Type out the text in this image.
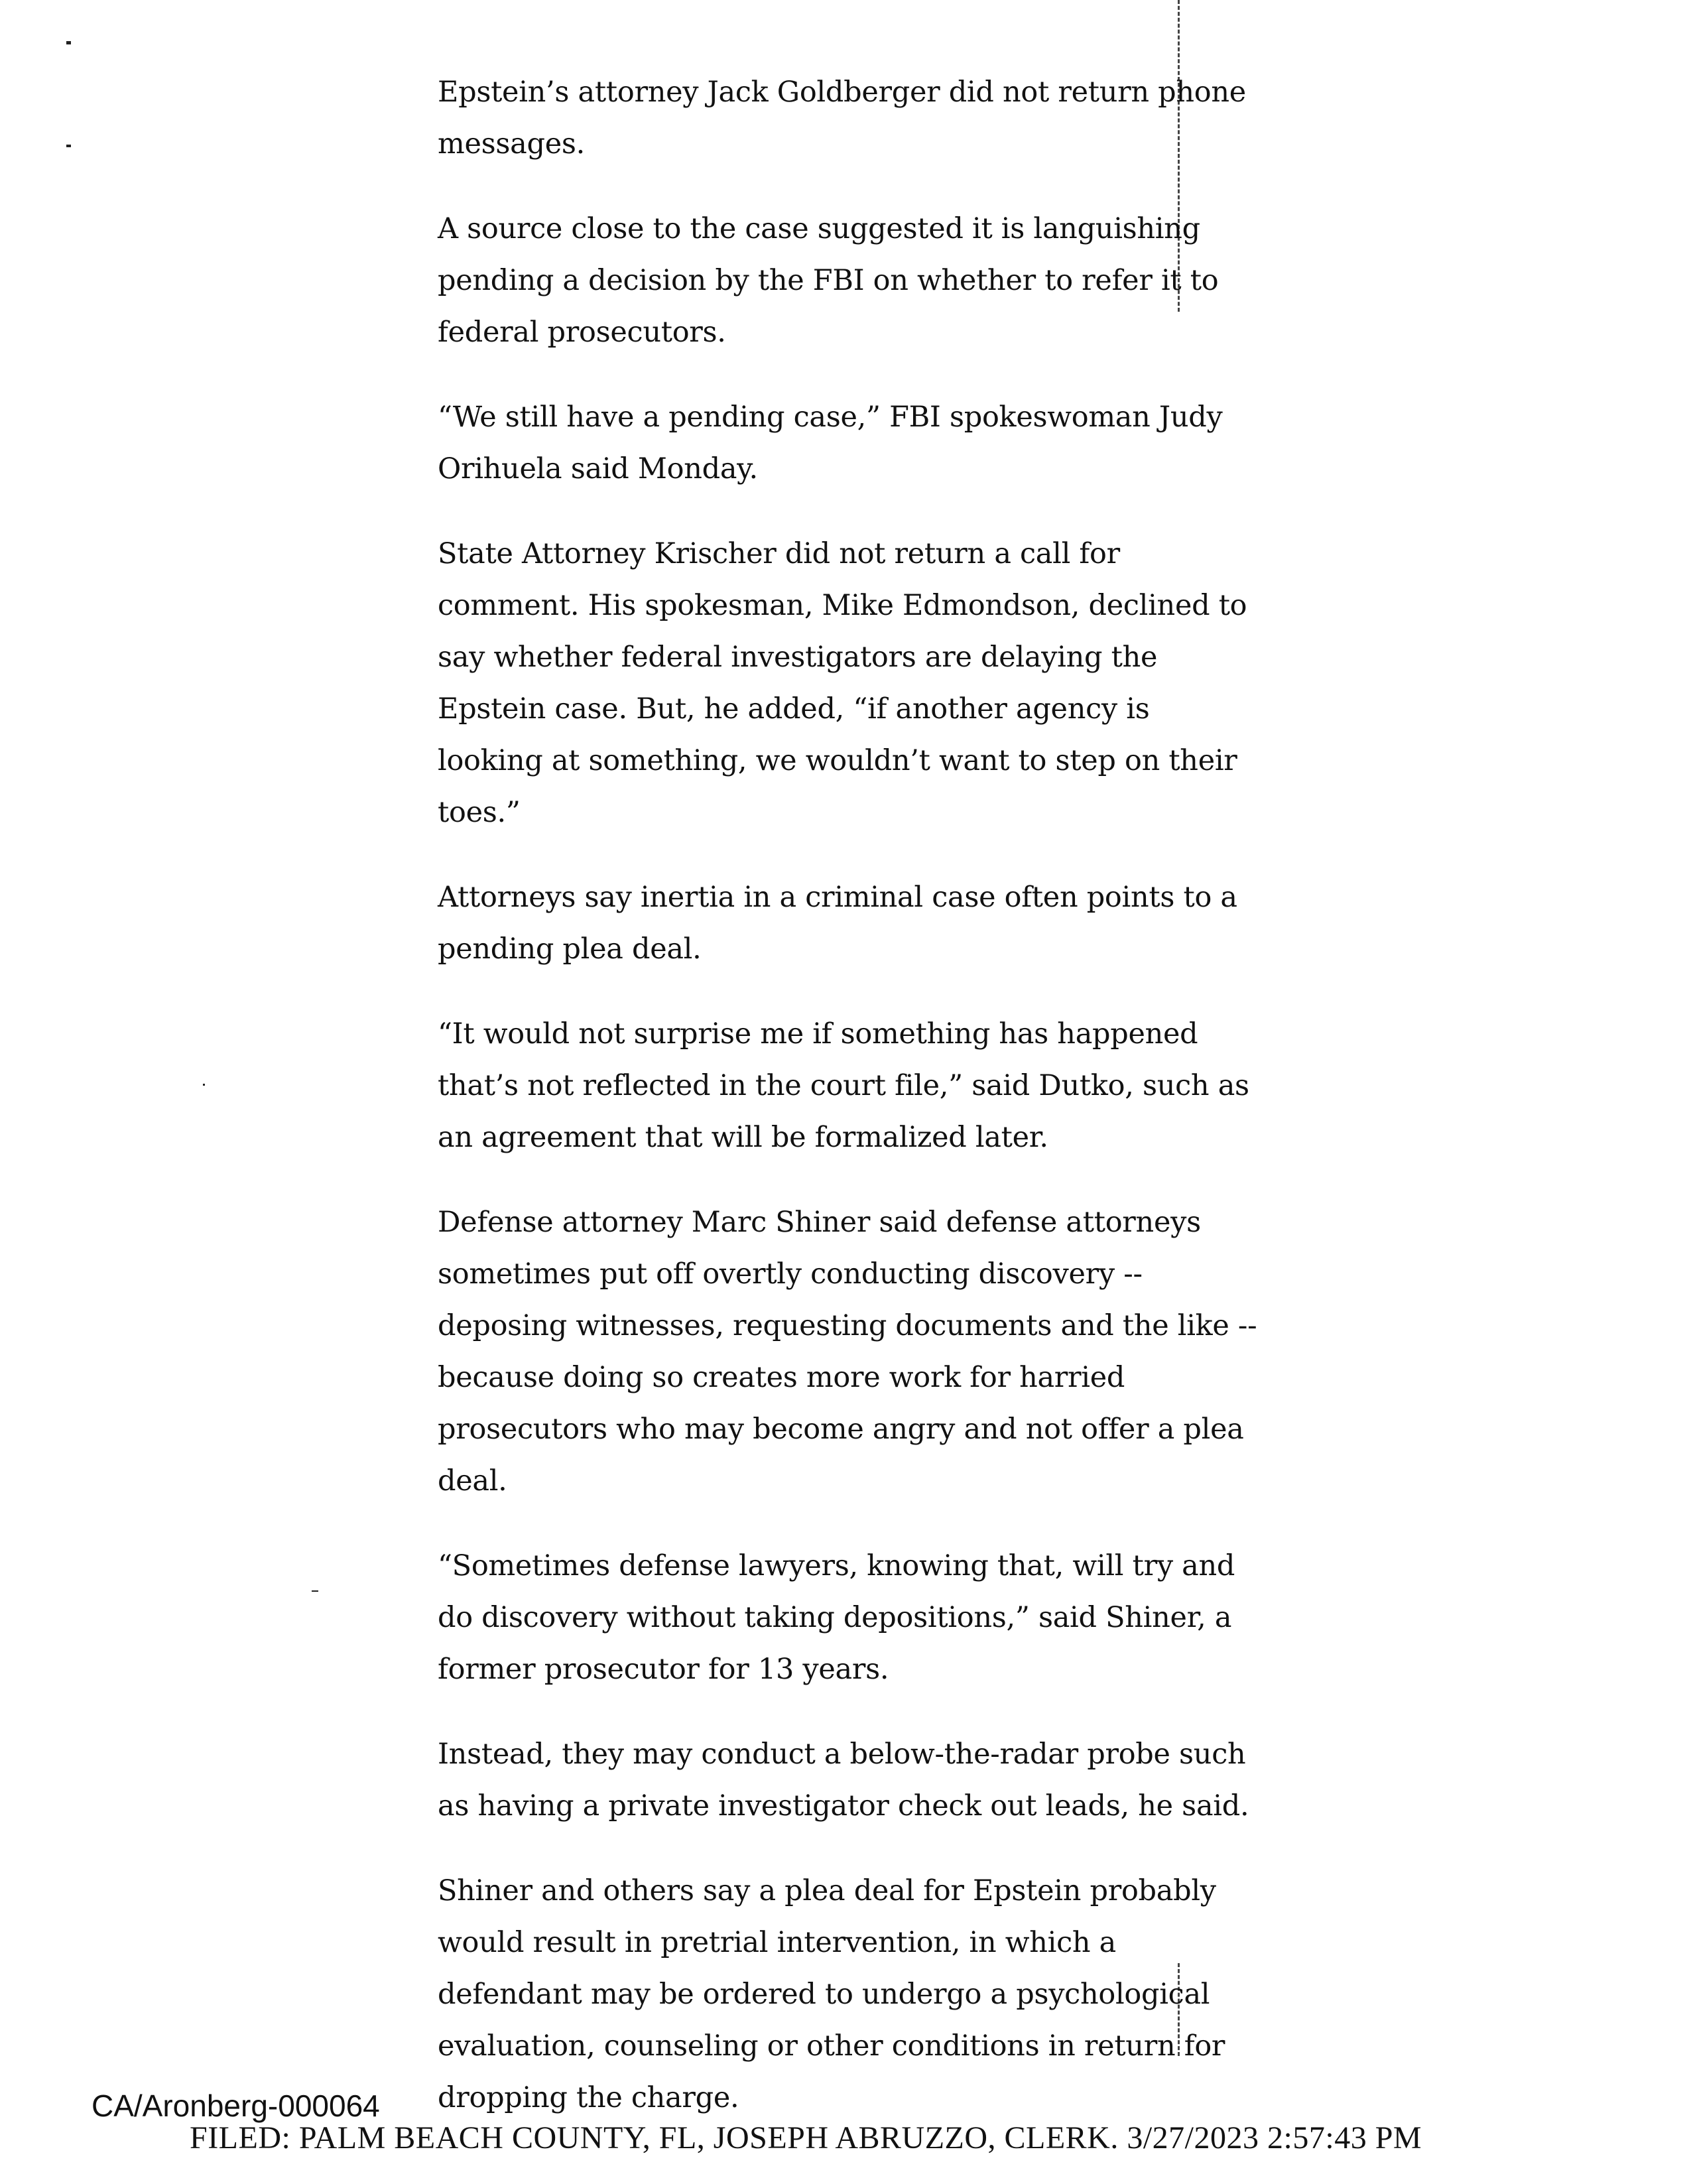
Epstein’s attorney Jack Goldberger did not return phone messages.

A source close to the case suggested it is languishing pending a decision by the FBI on whether to refer it to federal prosecutors.

“We still have a pending case,” FBI spokeswoman Judy Orihuela said Monday.

State Attorney Krischer did not return a call for comment. His spokesman, Mike Edmondson, declined to say whether federal investigators are delaying the Epstein case. But, he added, “if another agency is looking at something, we wouldn’t want to step on their toes.”

Attorneys say inertia in a criminal case often points to a pending plea deal.

“It would not surprise me if something has happened that’s not reflected in the court file,” said Dutko, such as an agreement that will be formalized later.

Defense attorney Marc Shiner said defense attorneys sometimes put off overtly conducting discovery -- deposing witnesses, requesting documents and the like -- because doing so creates more work for harried prosecutors who may become angry and not offer a plea deal.

“Sometimes defense lawyers, knowing that, will try and do discovery without taking depositions,” said Shiner, a former prosecutor for 13 years.

Instead, they may conduct a below-the-radar probe such as having a private investigator check out leads, he said.

Shiner and others say a plea deal for Epstein probably would result in pretrial intervention, in which a defendant may be ordered to undergo a psychological evaluation, counseling or other conditions in return for dropping the charge.

CA/Aronberg-000064
FILED: PALM BEACH COUNTY, FL, JOSEPH ABRUZZO, CLERK. 3/27/2023 2:57:43 PM
